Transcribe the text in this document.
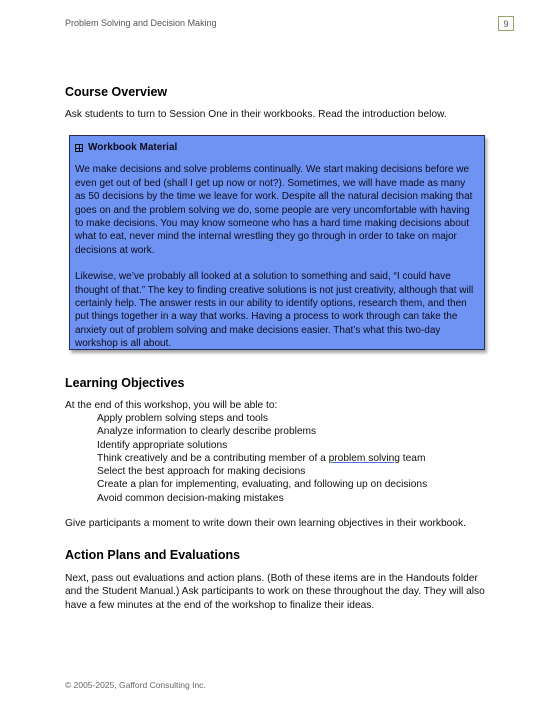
Problem Solving and Decision Making	9
Course Overview

Ask students to turn to Session One in their workbooks. Read the introduction below.

Workbook Material

We make decisions and solve problems continually. We start making decisions before we even get out of bed (shall I get up now or not?). Sometimes, we will have made as many as 50 decisions by the time we leave for work. Despite all the natural decision making that goes on and the problem solving we do, some people are very uncomfortable with having to make decisions. You may know someone who has a hard time making decisions about what to eat, never mind the internal wrestling they go through in order to take on major decisions at work.

Likewise, we’ve probably all looked at a solution to something and said, “I could have thought of that.” The key to finding creative solutions is not just creativity, although that will certainly help. The answer rests in our ability to identify options, research them, and then put things together in a way that works. Having a process to work through can take the anxiety out of problem solving and make decisions easier. That’s what this two-day workshop is all about.

Learning Objectives

At the end of this workshop, you will be able to:

Apply problem solving steps and tools
Analyze information to clearly describe problems
Identify appropriate solutions
Think creatively and be a contributing member of a problem solving team
Select the best approach for making decisions
Create a plan for implementing, evaluating, and following up on decisions
Avoid common decision-making mistakes

Give participants a moment to write down their own learning objectives in their workbook.

Action Plans and Evaluations

Next, pass out evaluations and action plans. (Both of these items are in the Handouts folder and the Student Manual.) Ask participants to work on these throughout the day. They will also have a few minutes at the end of the workshop to finalize their ideas.

© 2005-2025, Gafford Consulting Inc.
